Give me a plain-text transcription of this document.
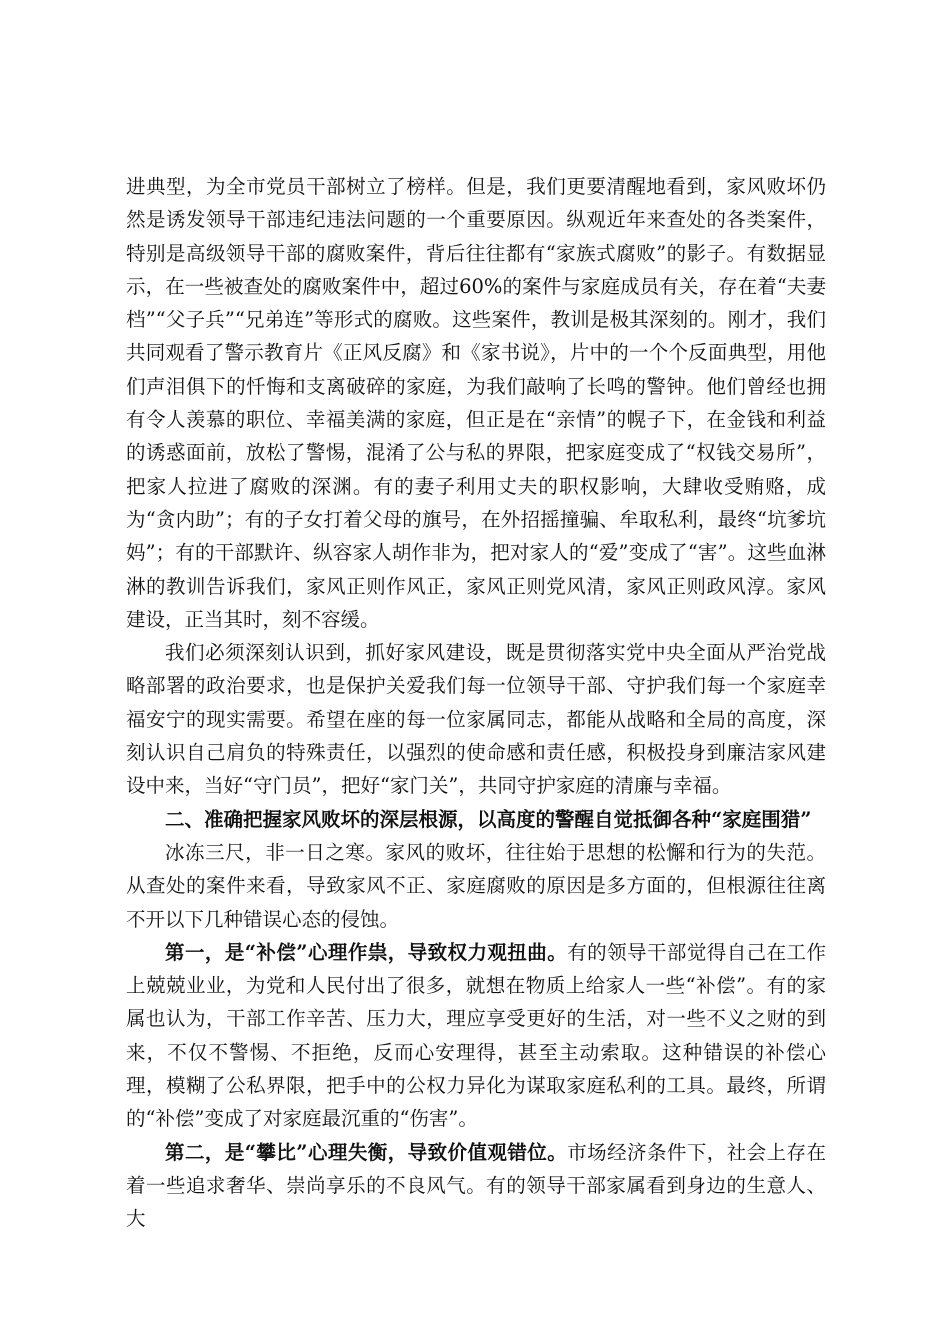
进典型，为全市党员干部树立了榜样。但是，我们更要清醒地看到，家风败坏仍然是诱发领导干部违纪违法问题的一个重要原因。纵观近年来查处的各类案件，特别是高级领导干部的腐败案件，背后往往都有“家族式腐败”的影子。有数据显示，在一些被查处的腐败案件中，超过60%的案件与家庭成员有关，存在着“夫妻档”“父子兵”“兄弟连”等形式的腐败。这些案件，教训是极其深刻的。刚才，我们共同观看了警示教育片《正风反腐》和《家书说》，片中的一个个反面典型，用他们声泪俱下的忏悔和支离破碎的家庭，为我们敲响了长鸣的警钟。他们曾经也拥有令人羡慕的职位、幸福美满的家庭，但正是在“亲情”的幌子下，在金钱和利益的诱惑面前，放松了警惕，混淆了公与私的界限，把家庭变成了“权钱交易所”，把家人拉进了腐败的深渊。有的妻子利用丈夫的职权影响，大肆收受贿赂，成为“贪内助”；有的子女打着父母的旗号，在外招摇撞骗、牟取私利，最终“坑爹坑妈”；有的干部默许、纵容家人胡作非为，把对家人的“爱”变成了“害”。这些血淋淋的教训告诉我们，家风正则作风正，家风正则党风清，家风正则政风淳。家风建设，正当其时，刻不容缓。

我们必须深刻认识到，抓好家风建设，既是贯彻落实党中央全面从严治党战略部署的政治要求，也是保护关爱我们每一位领导干部、守护我们每一个家庭幸福安宁的现实需要。希望在座的每一位家属同志，都能从战略和全局的高度，深刻认识自己肩负的特殊责任，以强烈的使命感和责任感，积极投身到廉洁家风建设中来，当好“守门员”，把好“家门关”，共同守护家庭的清廉与幸福。

二、准确把握家风败坏的深层根源，以高度的警醒自觉抵御各种“家庭围猎”

冰冻三尺，非一日之寒。家风的败坏，往往始于思想的松懈和行为的失范。从查处的案件来看，导致家风不正、家庭腐败的原因是多方面的，但根源往往离不开以下几种错误心态的侵蚀。

第一，是“补偿”心理作祟，导致权力观扭曲。有的领导干部觉得自己在工作上兢兢业业，为党和人民付出了很多，就想在物质上给家人一些“补偿”。有的家属也认为，干部工作辛苦、压力大，理应享受更好的生活，对一些不义之财的到来，不仅不警惕、不拒绝，反而心安理得，甚至主动索取。这种错误的补偿心理，模糊了公私界限，把手中的公权力异化为谋取家庭私利的工具。最终，所谓的“补偿”变成了对家庭最沉重的“伤害”。

第二，是“攀比”心理失衡，导致价值观错位。市场经济条件下，社会上存在着一些追求奢华、崇尚享乐的不良风气。有的领导干部家属看到身边的生意人、大
